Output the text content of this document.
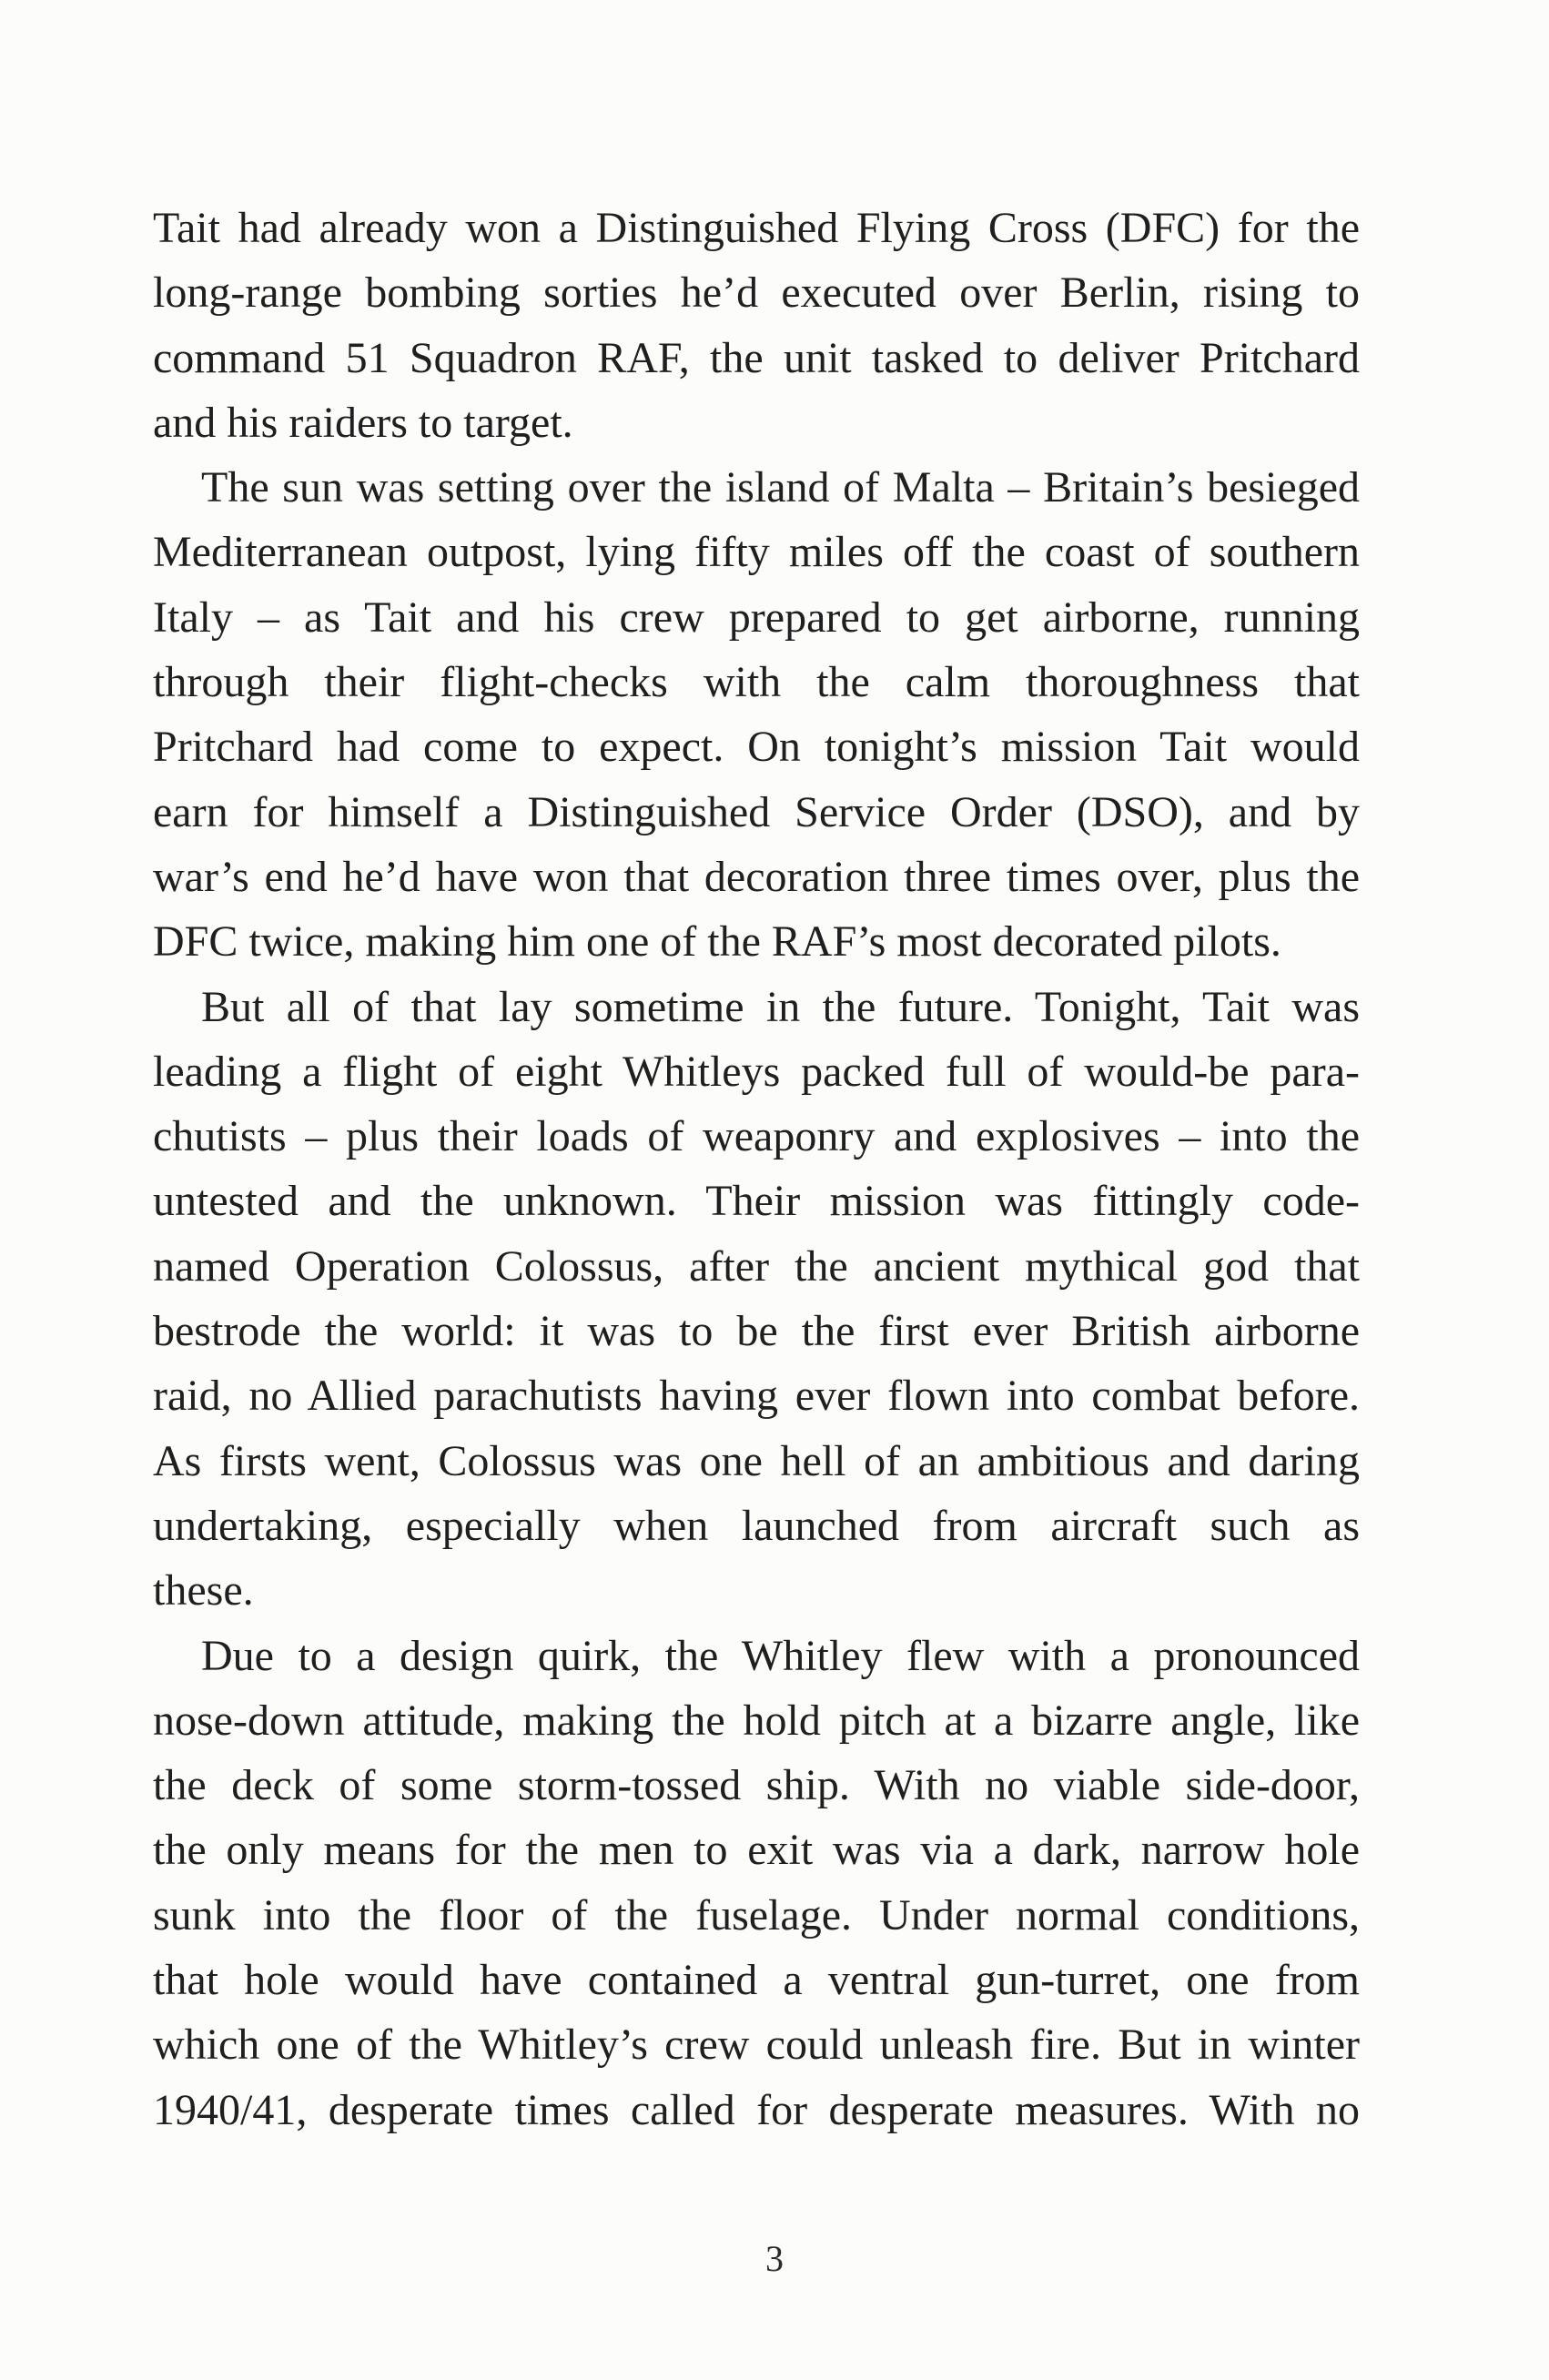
Tait had already won a Distinguished Flying Cross (DFC) for the
long-range bombing sorties he’d executed over Berlin, rising to
command 51 Squadron RAF, the unit tasked to deliver Pritchard
and his raiders to target.
The sun was setting over the island of Malta – Britain’s besieged
Mediterranean outpost, lying fifty miles off the coast of southern
Italy – as Tait and his crew prepared to get airborne, running
through their flight-checks with the calm thoroughness that
Pritchard had come to expect. On tonight’s mission Tait would
earn for himself a Distinguished Service Order (DSO), and by
war’s end he’d have won that decoration three times over, plus the
DFC twice, making him one of the RAF’s most decorated pilots.
But all of that lay sometime in the future. Tonight, Tait was
leading a flight of eight Whitleys packed full of would-be para-
chutists – plus their loads of weaponry and explosives – into the
untested and the unknown. Their mission was fittingly code-
named Operation Colossus, after the ancient mythical god that
bestrode the world: it was to be the first ever British airborne
raid, no Allied parachutists having ever flown into combat before.
As firsts went, Colossus was one hell of an ambitious and daring
undertaking, especially when launched from aircraft such as
these.
Due to a design quirk, the Whitley flew with a pronounced
nose-down attitude, making the hold pitch at a bizarre angle, like
the deck of some storm-tossed ship. With no viable side-door,
the only means for the men to exit was via a dark, narrow hole
sunk into the floor of the fuselage. Under normal conditions,
that hole would have contained a ventral gun-turret, one from
which one of the Whitley’s crew could unleash fire. But in winter
1940/41, desperate times called for desperate measures. With no
3
